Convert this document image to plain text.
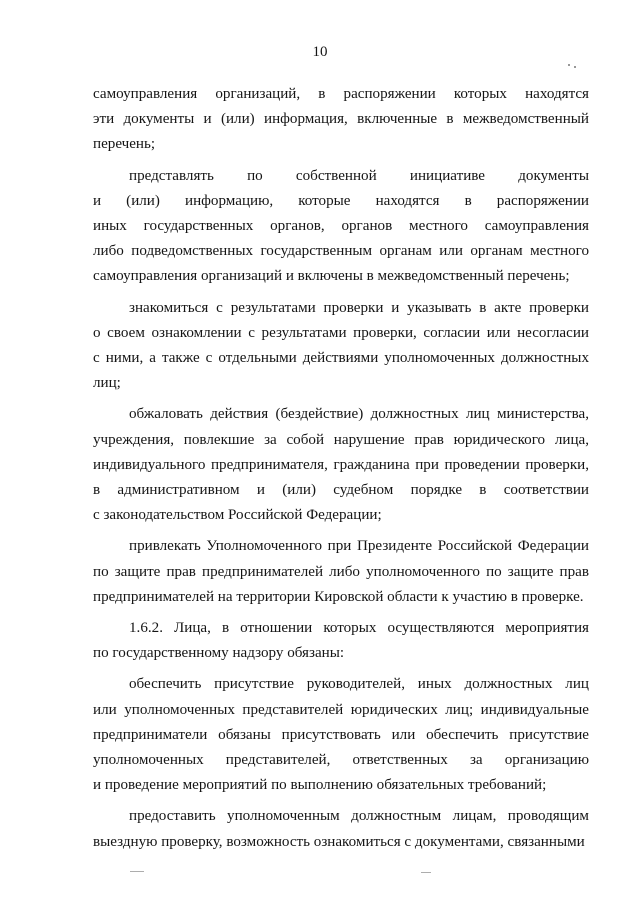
10
самоуправления организаций, в распоряжении которых находятся
эти документы и (или) информация, включенные в межведомственный
перечень;
представлять по собственной инициативе документы
и (или) информацию, которые находятся в распоряжении
иных государственных органов, органов местного самоуправления
либо подведомственных государственным органам или органам местного
самоуправления организаций и включены в межведомственный перечень;
знакомиться с результатами проверки и указывать в акте проверки
о своем ознакомлении с результатами проверки, согласии или несогласии
с ними, а также с отдельными действиями уполномоченных должностных
лиц;
обжаловать действия (бездействие) должностных лиц министерства,
учреждения, повлекшие за собой нарушение прав юридического лица,
индивидуального предпринимателя, гражданина при проведении проверки,
в административном и (или) судебном порядке в соответствии
с законодательством Российской Федерации;
привлекать Уполномоченного при Президенте Российской Федерации
по защите прав предпринимателей либо уполномоченного по защите прав
предпринимателей на территории Кировской области к участию в проверке.
1.6.2. Лица, в отношении которых осуществляются мероприятия
по государственному надзору обязаны:
обеспечить присутствие руководителей, иных должностных лиц
или уполномоченных представителей юридических лиц; индивидуальные
предприниматели обязаны присутствовать или обеспечить присутствие
уполномоченных представителей, ответственных за организацию
и проведение мероприятий по выполнению обязательных требований;
предоставить уполномоченным должностным лицам, проводящим
выездную проверку, возможность ознакомиться с документами, связанными
